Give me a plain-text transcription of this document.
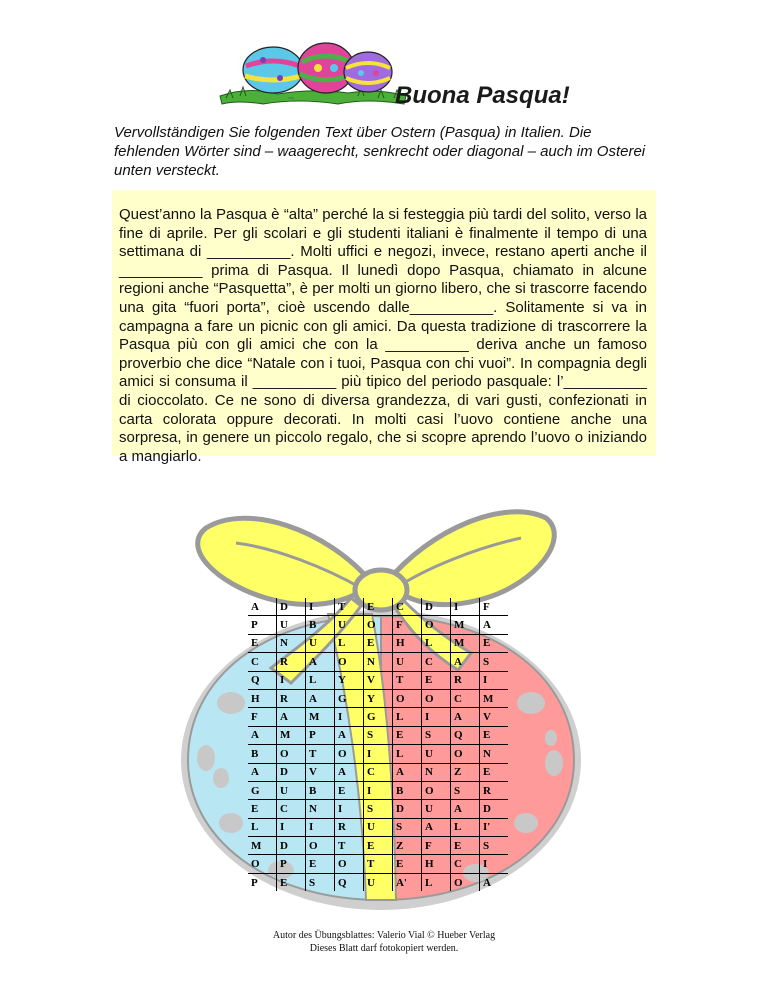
~~	Buona Pasqua!
Vervollständigen Sie folgenden Text über Ostern (Pasqua) in Italien. Die fehlenden Wörter sind – waagerecht, senkrecht oder diagonal – auch im Osterei unten versteckt.

Quest’anno la Pasqua è “alta” perché la si festeggia più tardi del solito, verso la fine di aprile. Per gli scolari e gli studenti italiani è finalmente il tempo di una settimana di __________. Molti uffici e negozi, invece, restano aperti anche il __________ prima di Pasqua. Il lunedì dopo Pasqua, chiamato in alcune regioni anche “Pasquetta”, è per molti un giorno libero, che si trascorre facendo una gita “fuori porta”, cioè uscendo dalle__________. Solitamente si va in campagna a fare un picnic con gli amici. Da questa tradizione di trascorrere la Pasqua più con gli amici che con la __________ deriva anche un famoso proverbio che dice “Natale con i tuoi, Pasqua con chi vuoi”. In compagnia degli amici si consuma il __________ più tipico del periodo pasquale: l’__________ di cioccolato. Ce ne sono di diversa grandezza, di vari gusti, confezionati in carta colorata oppure decorati. In molti casi l’uovo contiene anche una sorpresa, in genere un piccolo regalo, che si scopre aprendo l’uovo o iniziando a mangiarlo.

A	D	I	T	E	C	D	I	F
P	U	B	U	O	F	O	M	A
E	N	U	L	E	H	L	M	E
C	R	A	O	N	U	C	A	S
Q	I	L	Y	V	T	E	R	I
H	R	A	G	Y	O	O	C	M
F	A	M	I	G	L	I	A	V
A	M	P	A	S	E	S	Q	E
B	O	T	O	I	L	U	O	N
A	D	V	A	C	A	N	Z	E
G	U	B	E	I	B	O	S	R
E	C	N	I	S	D	U	A	D
L	I	I	R	U	S	A	L	I'
M	D	O	T	E	Z	F	E	S
O	P	E	O	T	E	H	C	I
P	E	S	Q	U	A'	L	O	A
Autor des Übungsblattes: Valerio Vial © Hueber Verlag
Dieses Blatt darf fotokopiert werden.
